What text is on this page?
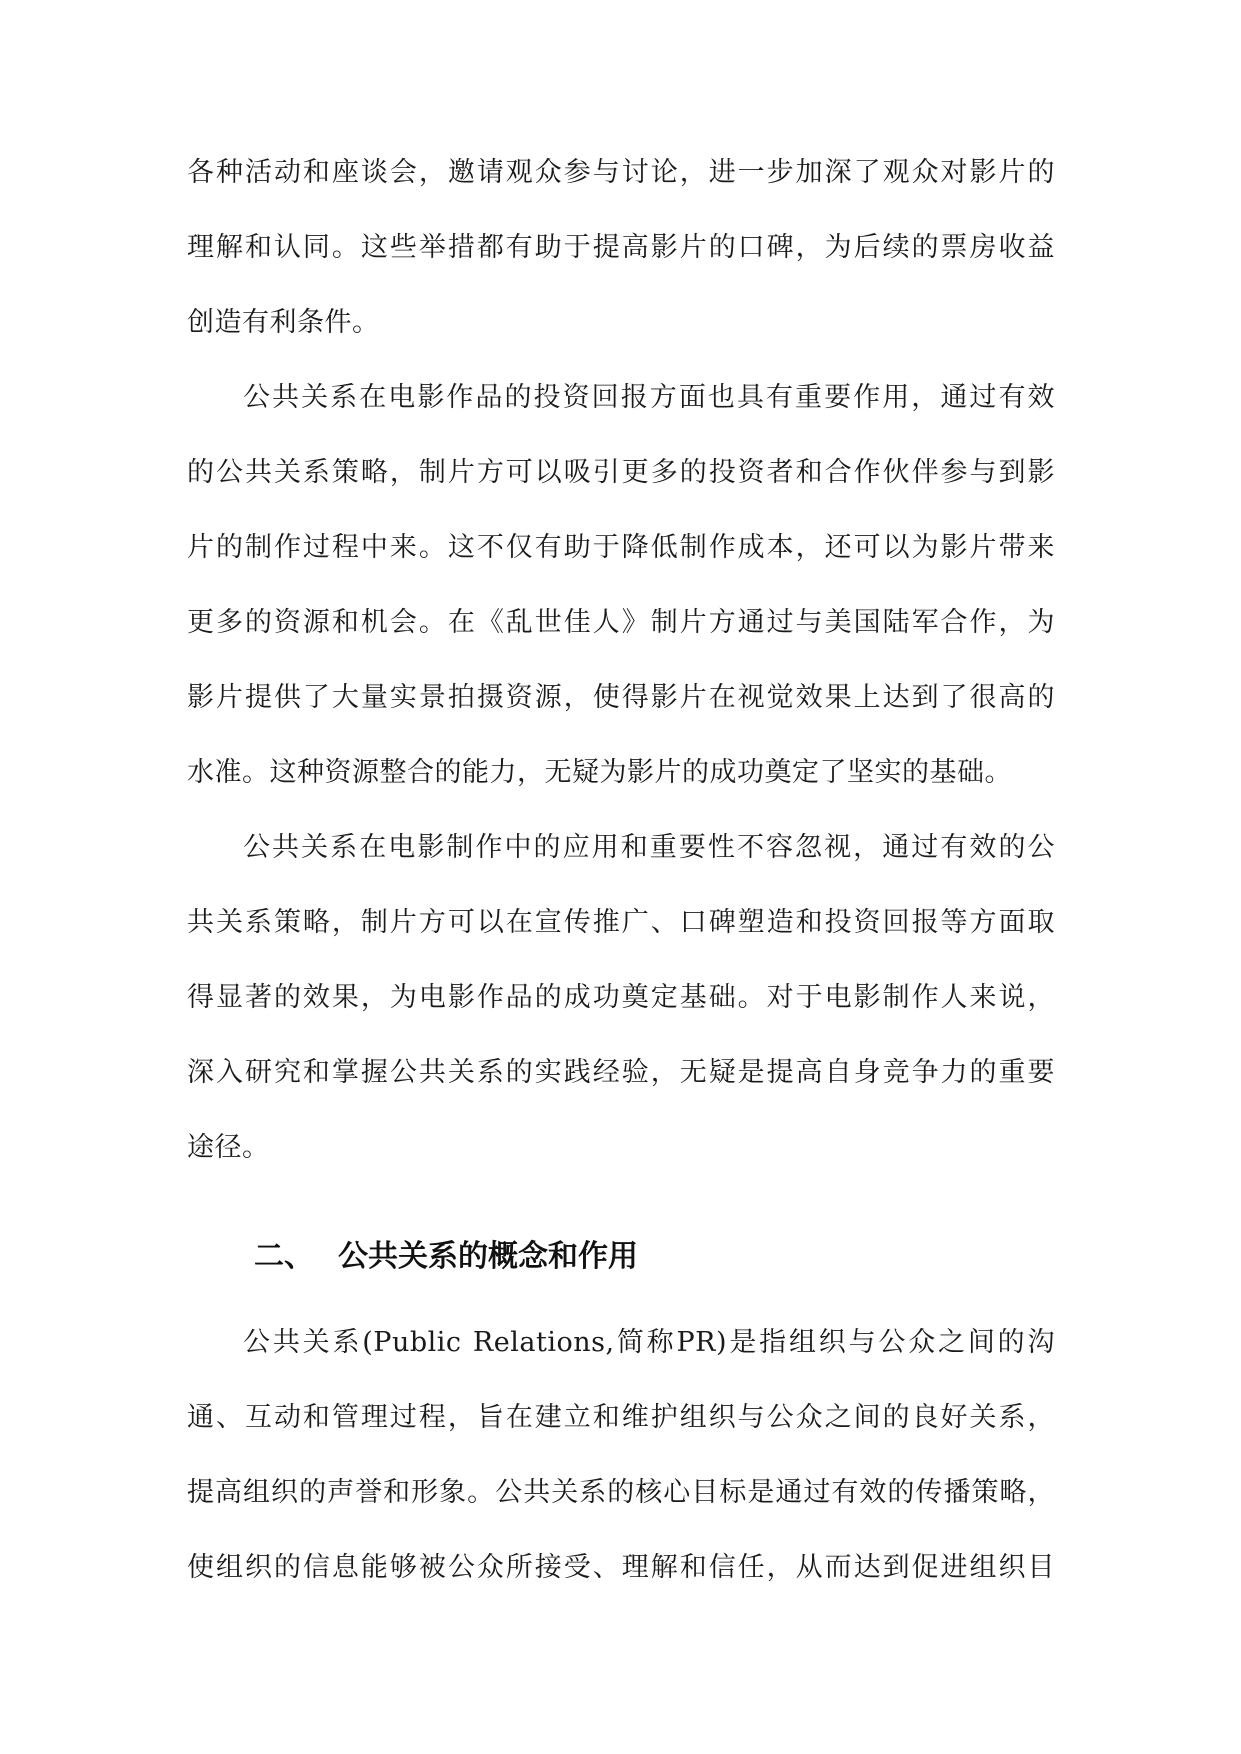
各种活动和座谈会，邀请观众参与讨论，进一步加深了观众对影片的
理解和认同。这些举措都有助于提高影片的口碑，为后续的票房收益
创造有利条件。
公共关系在电影作品的投资回报方面也具有重要作用，通过有效
的公共关系策略，制片方可以吸引更多的投资者和合作伙伴参与到影
片的制作过程中来。这不仅有助于降低制作成本，还可以为影片带来
更多的资源和机会。在《乱世佳人》制片方通过与美国陆军合作，为
影片提供了大量实景拍摄资源，使得影片在视觉效果上达到了很高的
水准。这种资源整合的能力，无疑为影片的成功奠定了坚实的基础。
公共关系在电影制作中的应用和重要性不容忽视，通过有效的公
共关系策略，制片方可以在宣传推广、口碑塑造和投资回报等方面取
得显著的效果，为电影作品的成功奠定基础。对于电影制作人来说，
深入研究和掌握公共关系的实践经验，无疑是提高自身竞争力的重要
途径。
二、 公共关系的概念和作用
公共关系(Public Relations,简称PR)是指组织与公众之间的沟
通、互动和管理过程，旨在建立和维护组织与公众之间的良好关系，
提高组织的声誉和形象。公共关系的核心目标是通过有效的传播策略，
使组织的信息能够被公众所接受、理解和信任，从而达到促进组织目
